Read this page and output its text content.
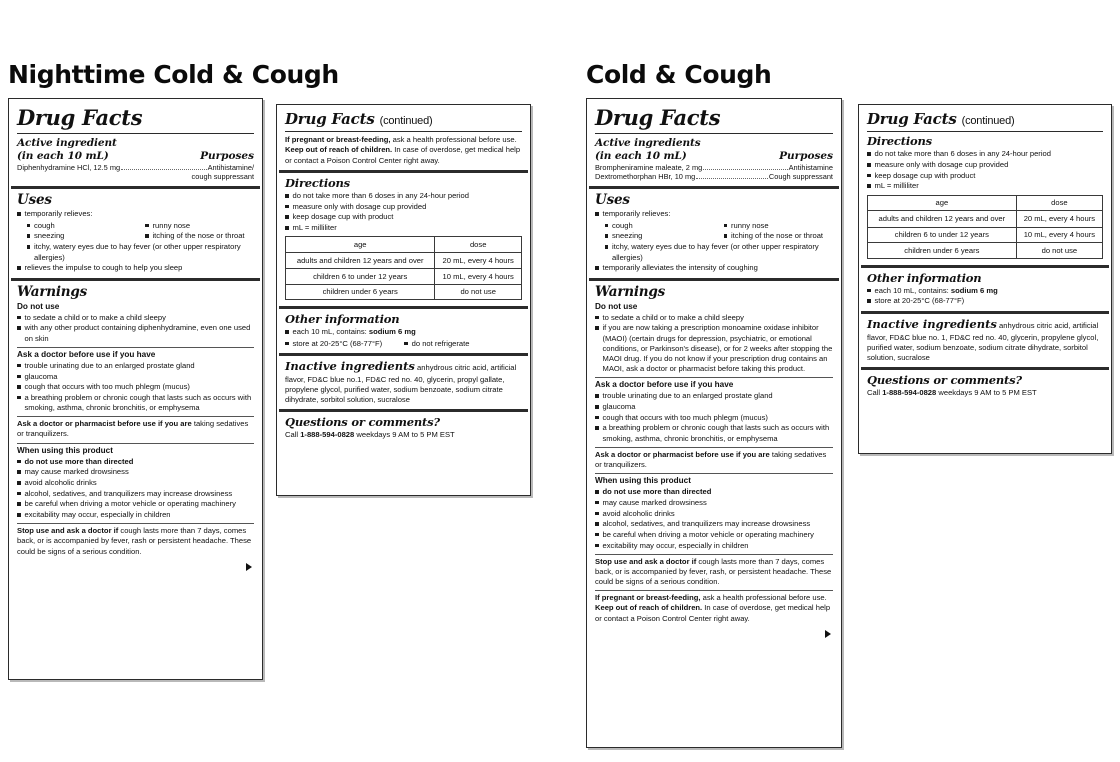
Nighttime Cold & Cough	Cold & Cough
Drug Facts
Active ingredient
(in each 10 mL)	Purposes
Diphenhydramine HCl, 12.5 mg	Antihistamine/
cough suppressant
Uses
temporarily relieves:
cough
sneezing
runny nose
itching of the nose or throat
itchy, watery eyes due to hay fever (or other upper respiratory allergies)
relieves the impulse to cough to help you sleep
Warnings
Do not use
to sedate a child or to make a child sleepy
with any other product containing diphenhydramine, even one used on skin
Ask a doctor before use if you have
trouble urinating due to an enlarged prostate gland
glaucoma
cough that occurs with too much phlegm (mucus)
a breathing problem or chronic cough that lasts such as occurs with smoking, asthma, chronic bronchitis, or emphysema
Ask a doctor or pharmacist before use if you are taking sedatives or tranquilizers.
When using this product
do not use more than directed
may cause marked drowsiness
avoid alcoholic drinks
alcohol, sedatives, and tranquilizers may increase drowsiness
be careful when driving a motor vehicle or operating machinery
excitability may occur, especially in children
Stop use and ask a doctor if cough lasts more than 7 days, comes back, or is accompanied by fever, rash or persistent headache. These could be signs of a serious condition.
Drug Facts (continued)
If pregnant or breast-feeding, ask a health professional before use.
Keep out of reach of children. In case of overdose, get medical help or contact a Poison Control Center right away.
Directions
do not take more than 6 doses in any 24-hour period
measure only with dosage cup provided
keep dosage cup with product
mL = milliliter
age	dose
adults and children 12 years and over	20 mL, every 4 hours
children 6 to under 12 years	10 mL, every 4 hours
children under 6 years	do not use
Other information
each 10 mL, contains: sodium 6 mg
store at 20-25°C (68-77°F)	do not refrigerate
Inactive ingredients anhydrous citric acid, artificial flavor, FD&C blue no.1, FD&C red no. 40, glycerin, propyl gallate, propylene glycol, purified water, sodium benzoate, sodium citrate dihydrate, sorbitol solution, sucralose
Questions or comments?
Call 1-888-594-0828 weekdays 9 AM to 5 PM EST
Drug Facts
Active ingredients
(in each 10 mL)	Purposes
Brompheniramine maleate, 2 mg	Antihistamine
Dextromethorphan HBr, 10 mg	Cough suppressant
Uses
temporarily relieves:
cough
sneezing
runny nose
itching of the nose or throat
itchy, watery eyes due to hay fever (or other upper respiratory allergies)
temporarily alleviates the intensity of coughing
Warnings
Do not use
to sedate a child or to make a child sleepy
if you are now taking a prescription monoamine oxidase inhibitor (MAOI) (certain drugs for depression, psychiatric, or emotional conditions, or Parkinson's disease), or for 2 weeks after stopping the MAOI drug. If you do not know if your prescription drug contains an MAOI, ask a doctor or pharmacist before taking this product.
Ask a doctor before use if you have
trouble urinating due to an enlarged prostate gland
glaucoma
cough that occurs with too much phlegm (mucus)
a breathing problem or chronic cough that lasts such as occurs with smoking, asthma, chronic bronchitis, or emphysema
Ask a doctor or pharmacist before use if you are taking sedatives or tranquilizers.
When using this product
do not use more than directed
may cause marked drowsiness
avoid alcoholic drinks
alcohol, sedatives, and tranquilizers may increase drowsiness
be careful when driving a motor vehicle or operating machinery
excitability may occur, especially in children
Stop use and ask a doctor if cough lasts more than 7 days, comes back, or is accompanied by fever, rash, or persistent headache. These could be signs of a serious condition.
If pregnant or breast-feeding, ask a health professional before use.
Keep out of reach of children. In case of overdose, get medical help or contact a Poison Control Center right away.
Drug Facts (continued)
Directions
do not take more than 6 doses in any 24-hour period
measure only with dosage cup provided
keep dosage cup with product
mL = milliliter
age	dose
adults and children 12 years and over	20 mL, every 4 hours
children 6 to under 12 years	10 mL, every 4 hours
children under 6 years	do not use
Other information
each 10 mL, contains: sodium 6 mg
store at 20-25°C (68-77°F)
Inactive ingredients anhydrous citric acid, artificial flavor, FD&C blue no. 1, FD&C red no. 40, glycerin, propylene glycol, purified water, sodium benzoate, sodium citrate dihydrate, sorbitol solution, sucralose
Questions or comments?
Call 1-888-594-0828 weekdays 9 AM to 5 PM EST
